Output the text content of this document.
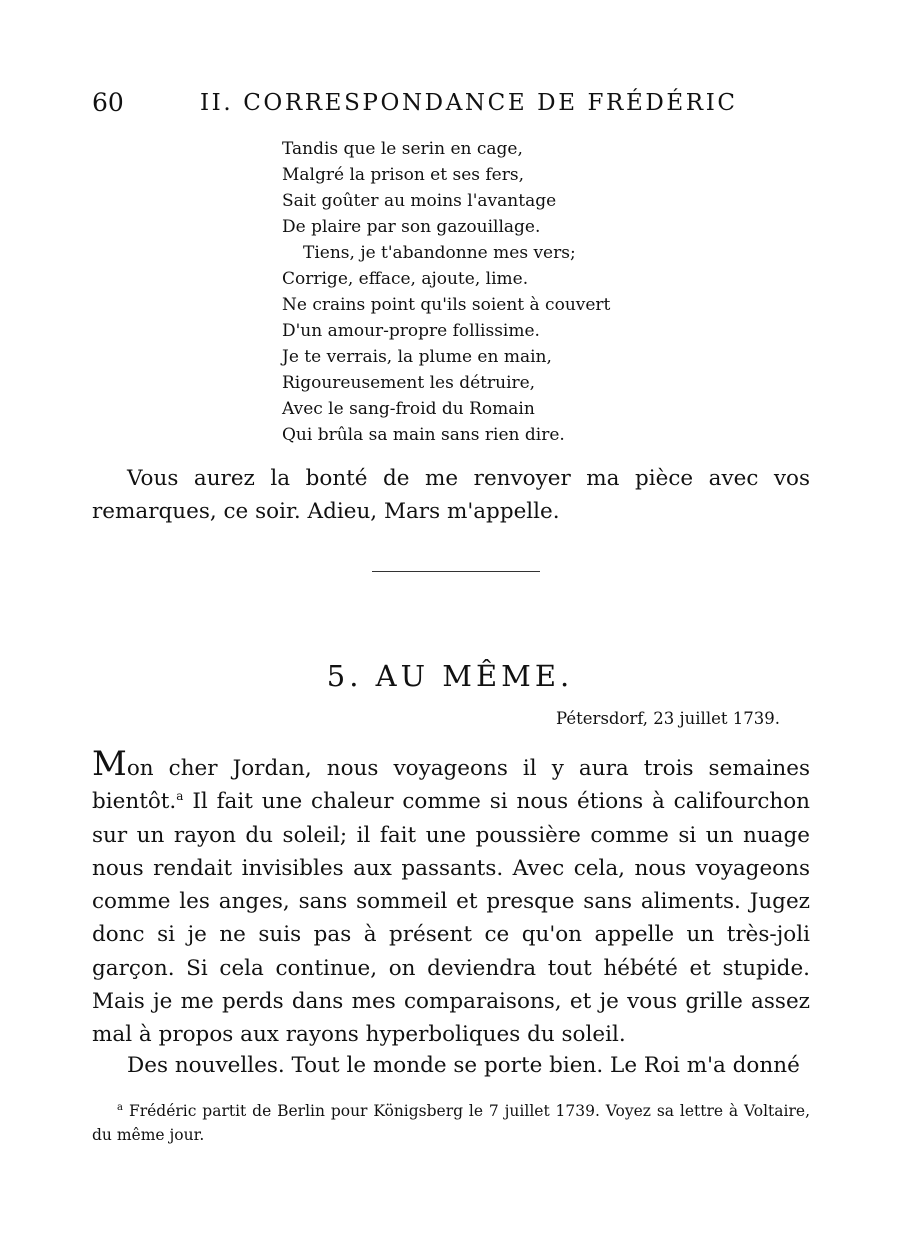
60	II. CORRESPONDANCE DE FRÉDÉRIC
Tandis que le serin en cage,
Malgré la prison et ses fers,
Sait goûter au moins l'avantage
De plaire par son gazouillage.
Tiens, je t'abandonne mes vers;
Corrige, efface, ajoute, lime.
Ne crains point qu'ils soient à couvert
D'un amour-propre follissime.
Je te verrais, la plume en main,
Rigoureusement les détruire,
Avec le sang-froid du Romain
Qui brûla sa main sans rien dire.

Vous aurez la bonté de me renvoyer ma pièce avec vos remarques, ce soir. Adieu, Mars m'appelle.

5. AU MÊME.
Pétersdorf, 23 juillet 1739.

Mon cher Jordan, nous voyageons il y aura trois semaines bientôt.$^a$ Il fait une chaleur comme si nous étions à califourchon sur un rayon du soleil; il fait une poussière comme si un nuage nous rendait invisibles aux passants. Avec cela, nous voyageons comme les anges, sans sommeil et presque sans aliments. Jugez donc si je ne suis pas à présent ce qu'on appelle un très-joli garçon. Si cela continue, on deviendra tout hébété et stupide. Mais je me perds dans mes comparaisons, et je vous grille assez mal à propos aux rayons hyperboliques du soleil.

Des nouvelles. Tout le monde se porte bien. Le Roi m'a donné

$^a$ Frédéric partit de Berlin pour Königsberg le 7 juillet 1739. Voyez sa lettre à Voltaire, du même jour.
